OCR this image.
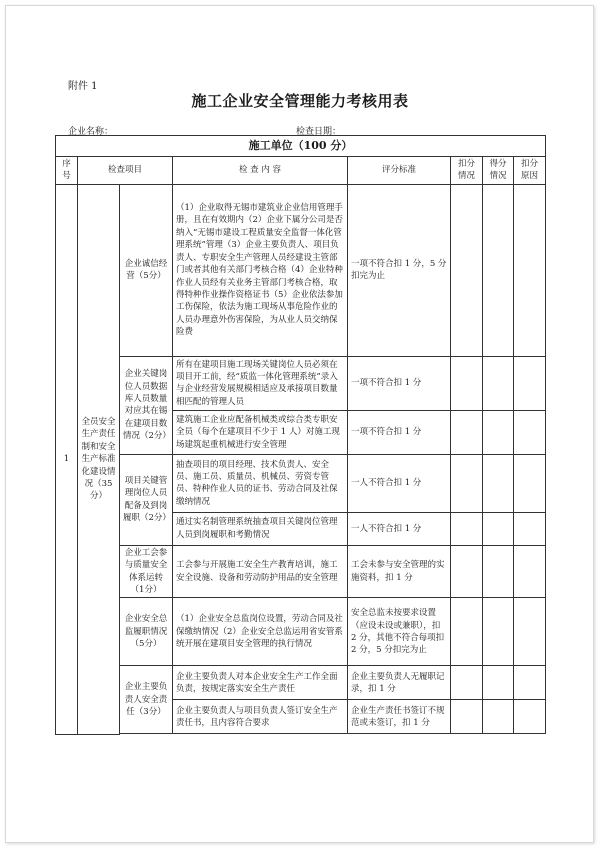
附件 1
施工企业安全管理能力考核用表
企业名称：	检查日期：
施工单位（100 分）							
序号	检查项目		检 查 内 容	评分标准	扣分情况	得分情况	扣分原因
1	全员安全生产责任制和安全生产标准化建设情况（35 分）	企业诚信经营（5分）	（1）企业取得无锡市建筑业企业信用管理手册，且在有效期内（2）企业下属分公司是否纳入“无锡市建设工程质量安全监督一体化管理系统”管理（3）企业主要负责人、项目负责人、专职安全生产管理人员经建设主管部门或者其他有关部门考核合格（4）企业特种作业人员经有关业务主管部门考核合格，取得特种作业操作资格证书（5）企业依法参加工伤保险，依法为施工现场从事危险作业的人员办理意外伤害保险，为从业人员交纳保险费	一项不符合扣 1 分，5 分扣完为止			
		企业关键岗位人员数据库人员数量对应其在锡在建项目数情况（2分）	所有在建项目施工现场关键岗位人员必须在项目开工前，经“质监一体化管理系统”录入与企业经营发展规模相适应及承接项目数量相匹配的管理人员	一项不符合扣 1 分			
			建筑施工企业应配备机械类或综合类专职安全员（每个在建项目不少于 1 人）对施工现场建筑起重机械进行安全管理	一项不符合扣 1 分			
		项目关键管理岗位人员配备及到岗履职（2分）	抽查项目的项目经理、技术负责人、安全员、施工员、质量员、机械员、劳资专管员、特种作业人员的证书、劳动合同及社保缴纳情况	一人不符合扣 1 分			
			通过实名制管理系统抽查项目关键岗位管理人员到岗履职和考勤情况	一人不符合扣 1 分			
		企业工会参与质量安全体系运转（1分）	工会参与开展施工安全生产教育培训，施工安全设施、设备和劳动防护用品的安全管理	工会未参与安全管理的实施资料，扣 1 分			
		企业安全总监履职情况（5分）	（1）企业安全总监岗位设置，劳动合同及社保缴纳情况（2）企业安全总监运用省安管系统开展在建项目安全管理的执行情况	安全总监未按要求设置（应设未设或兼职），扣 2 分，其他不符合每项扣 2 分，5 分扣完为止			
		企业主要负责人安全责任（3分）	企业主要负责人对本企业安全生产工作全面负责，按规定落实安全生产责任	企业主要负责人无履职记录，扣 1 分			
			企业主要负责人与项目负责人签订安全生产责任书，且内容符合要求	企业生产责任书签订不规范或未签订，扣 1 分			
